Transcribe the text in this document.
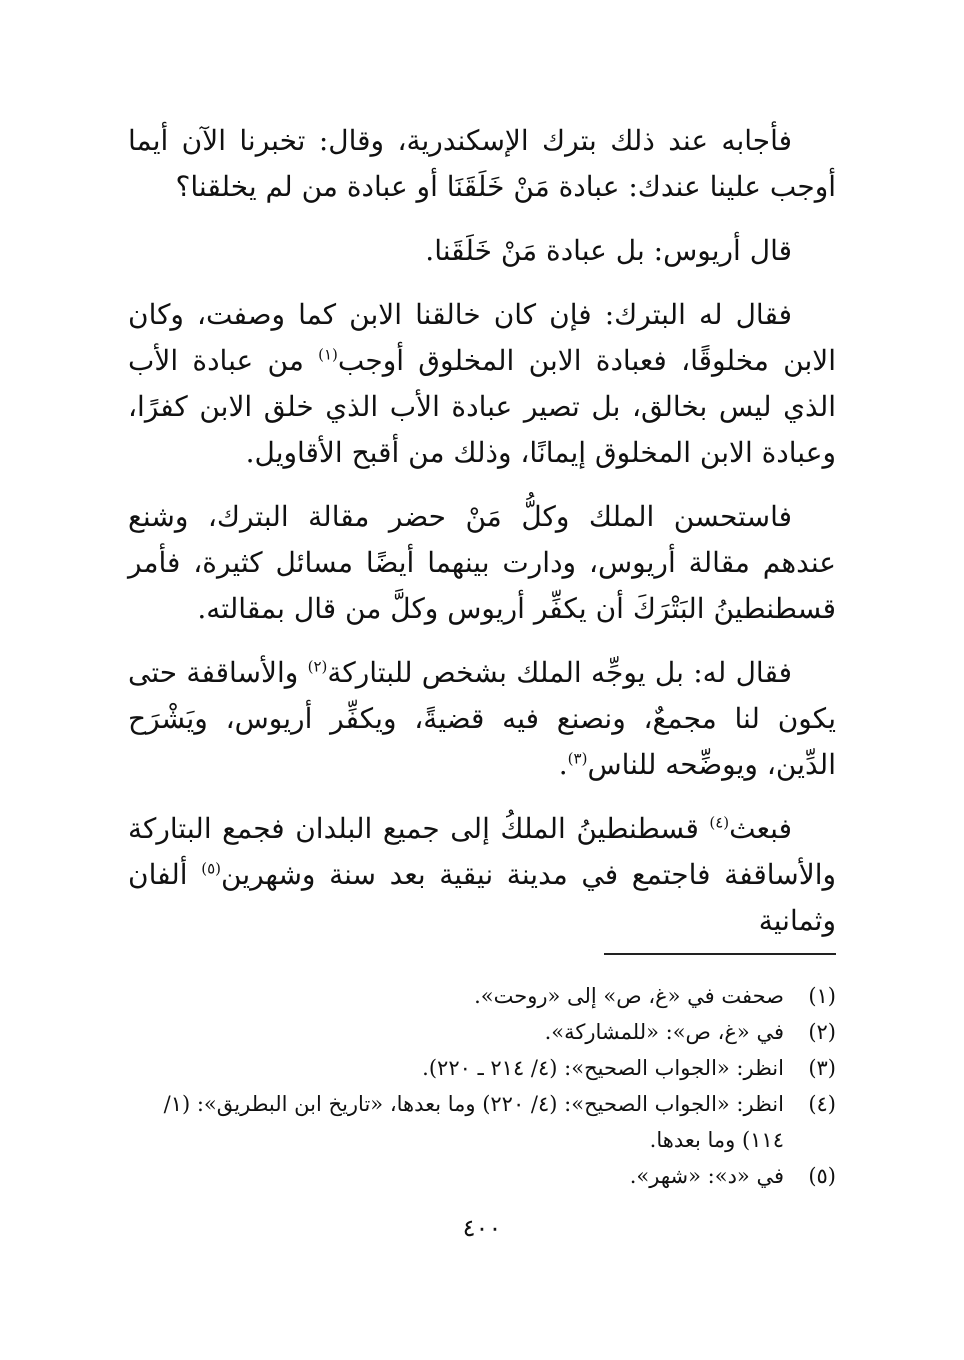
فأجابه عند ذلك بترك الإسكندرية، وقال: تخبرنا الآن أيما أوجب علينا عندك: عبادة مَنْ خَلَقَنَا أو عبادة من لم يخلقنا؟

قال أريوس: بل عبادة مَنْ خَلَقَنا.

فقال له البترك: فإن كان خالقنا الابن كما وصفت، وكان الابن مخلوقًا، فعبادة الابن المخلوق أوجب$^{(١)}$ من عبادة الأب الذي ليس بخالق، بل تصير عبادة الأب الذي خلق الابن كفرًا، وعبادة الابن المخلوق إيمانًا، وذلك من أقبح الأقاويل.

فاستحسن الملك وكلُّ مَنْ حضر مقالة البترك، وشنع عندهم مقالة أريوس، ودارت بينهما أيضًا مسائل كثيرة، فأمر قسطنطينُ البَتْرَكَ أن يكفِّر أريوس وكلَّ من قال بمقالته.

فقال له: بل يوجِّه الملك بشخص للبتاركة$^{(٢)}$ والأساقفة حتى يكون لنا مجمعٌ، ونصنع فيه قضيةً، ويكفِّر أريوس، ويَشْرَح الدِّين، ويوضِّحه للناس$^{(٣)}$.

فبعث$^{(٤)}$ قسطنطينُ الملكُ إلى جميع البلدان فجمع البتاركة والأساقفة فاجتمع في مدينة نيقية بعد سنة وشهرين$^{(٥)}$ ألفان وثمانية

(١)
صحفت في «غ، ص» إلى «روحت».
(٢)
في «غ، ص»: «للمشاركة».
(٣)
انظر: «الجواب الصحيح»: (٤/ ٢١٤ ـ ٢٢٠).
(٤)
انظر: «الجواب الصحيح»: (٤/ ٢٢٠) وما بعدها، «تاريخ ابن البطريق»: (١/ ١١٤) وما بعدها.
(٥)
في «د»: «شهر».
٤٠٠
